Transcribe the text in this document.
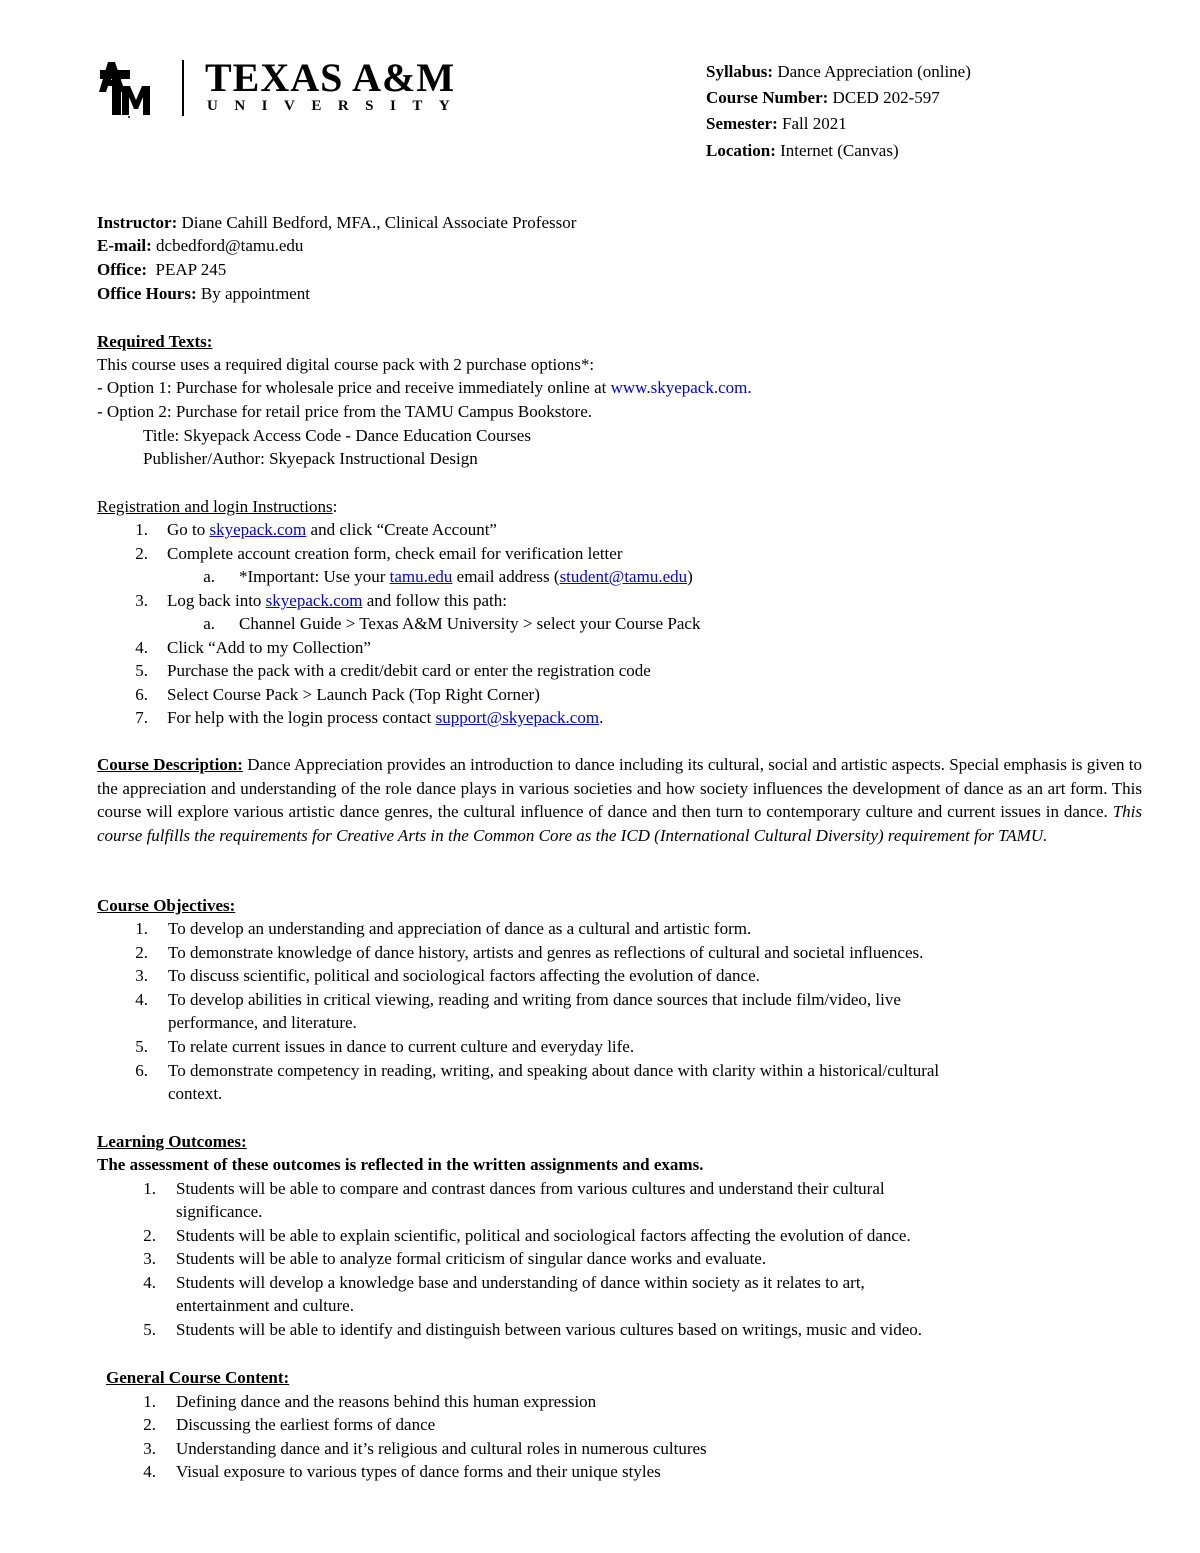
TEXAS A&M
UNIVERSITY
Syllabus: Dance Appreciation (online)
Course Number: DCED 202-597
Semester: Fall 2021
Location: Internet (Canvas)
Instructor: Diane Cahill Bedford, MFA., Clinical Associate Professor
E-mail: dcbedford@tamu.edu
Office:  PEAP 245
Office Hours: By appointment
Required Texts:
This course uses a required digital course pack with 2 purchase options*:
- Option 1: Purchase for wholesale price and receive immediately online at www.skyepack.com.
- Option 2: Purchase for retail price from the TAMU Campus Bookstore.
Title: Skyepack Access Code - Dance Education Courses
Publisher/Author: Skyepack Instructional Design
Registration and login Instructions:
1. Go to skyepack.com and click “Create Account”
2. Complete account creation form, check email for verification letter
a. *Important: Use your tamu.edu email address (student@tamu.edu)
3. Log back into skyepack.com and follow this path:
a. Channel Guide > Texas A&M University > select your Course Pack
4. Click “Add to my Collection”
5. Purchase the pack with a credit/debit card or enter the registration code
6. Select Course Pack > Launch Pack (Top Right Corner)
7. For help with the login process contact support@skyepack.com.
Course Description: Dance Appreciation provides an introduction to dance including its cultural, social and artistic aspects. Special emphasis is given to the appreciation and understanding of the role dance plays in various societies and how society influences the development of dance as an art form. This course will explore various artistic dance genres, the cultural influence of dance and then turn to contemporary culture and current issues in dance. This course fulfills the requirements for Creative Arts in the Common Core as the ICD (International Cultural Diversity) requirement for TAMU.
Course Objectives:
1. To develop an understanding and appreciation of dance as a cultural and artistic form.
2. To demonstrate knowledge of dance history, artists and genres as reflections of cultural and societal influences.
3. To discuss scientific, political and sociological factors affecting the evolution of dance.
4. To develop abilities in critical viewing, reading and writing from dance sources that include film/video, live
performance, and literature.
5. To relate current issues in dance to current culture and everyday life.
6. To demonstrate competency in reading, writing, and speaking about dance with clarity within a historical/cultural
context.
Learning Outcomes:
The assessment of these outcomes is reflected in the written assignments and exams.
1. Students will be able to compare and contrast dances from various cultures and understand their cultural
significance.
2. Students will be able to explain scientific, political and sociological factors affecting the evolution of dance.
3. Students will be able to analyze formal criticism of singular dance works and evaluate.
4. Students will develop a knowledge base and understanding of dance within society as it relates to art,
entertainment and culture.
5. Students will be able to identify and distinguish between various cultures based on writings, music and video.
General Course Content:
1. Defining dance and the reasons behind this human expression
2. Discussing the earliest forms of dance
3. Understanding dance and it’s religious and cultural roles in numerous cultures
4. Visual exposure to various types of dance forms and their unique styles
